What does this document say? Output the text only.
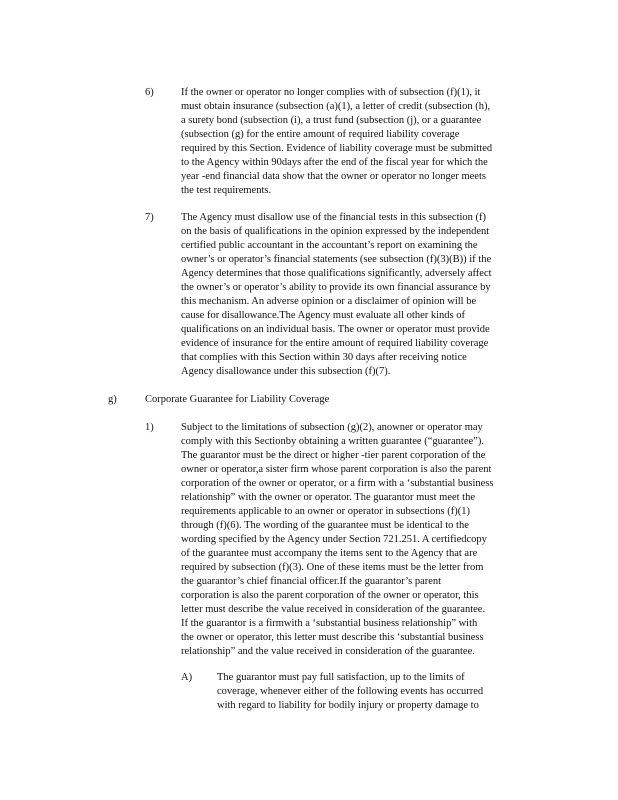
6)	If the owner or operator no longer complies with of subsection (f)(1), it
must obtain insurance (subsection (a)(1), a letter of credit (subsection (h),
a surety bond (subsection (i), a trust fund (subsection (j), or a guarantee
(subsection (g) for the entire amount of required liability coverage
required by this Section. Evidence of liability coverage must be submitted
to the Agency within 90days after the end of the fiscal year for which the
year -end financial data show that the owner or operator no longer meets
the test requirements.
7)	The Agency must disallow use of the financial tests in this subsection (f)
on the basis of qualifications in the opinion expressed by the independent
certified public accountant in the accountant’s report on examining the
owner’s or operator’s financial statements (see subsection (f)(3)(B)) if the
Agency determines that those qualifications significantly, adversely affect
the owner’s or operator’s ability to provide its own financial assurance by
this mechanism. An adverse opinion or a disclaimer of opinion will be
cause for disallowance.The Agency must evaluate all other kinds of
qualifications on an individual basis. The owner or operator must provide
evidence of insurance for the entire amount of required liability coverage
that complies with this Section within 30 days after receiving notice
Agency disallowance under this subsection (f)(7).
g)	Corporate Guarantee for Liability Coverage
1)	Subject to the limitations of subsection (g)(2), anowner or operator may
comply with this Sectionby obtaining a written guarantee (“guarantee”).
The guarantor must be the direct or higher -tier parent corporation of the
owner or operator,a sister firm whose parent corporation is also the parent
corporation of the owner or operator, or a firm with a ‘substantial business
relationship” with the owner or operator. The guarantor must meet the
requirements applicable to an owner or operator in subsections (f)(1)
through (f)(6). The wording of the guarantee must be identical to the
wording specified by the Agency under Section 721.251. A certifiedcopy
of the guarantee must accompany the items sent to the Agency that are
required by subsection (f)(3). One of these items must be the letter from
the guarantor’s chief financial officer.If the guarantor’s parent
corporation is also the parent corporation of the owner or operator, this
letter must describe the value received in consideration of the guarantee.
If the guarantor is a firmwith a ‘substantial business relationship” with
the owner or operator, this letter must describe this ‘substantial business
relationship” and the value received in consideration of the guarantee.
A) The guarantor must pay full satisfaction, up to the limits of
coverage, whenever either of the following events has occurred
with regard to liability for bodily injury or property damage to
